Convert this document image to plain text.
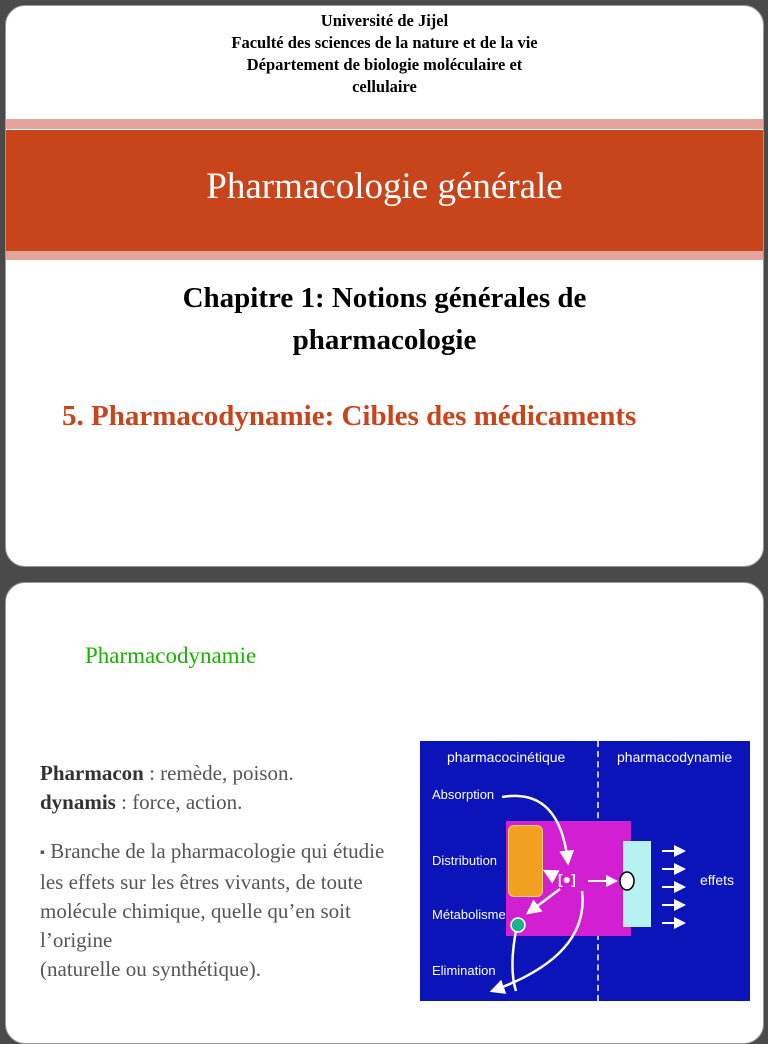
Université de Jijel
Faculté des sciences de la nature et de la vie
Département de biologie moléculaire et
cellulaire
Pharmacologie générale
Chapitre 1: Notions générales de
pharmacologie
5. Pharmacodynamie: Cibles des médicaments
Pharmacodynamie
Pharmacon : remède, poison.
dynamis : force, action.
▪ Branche de la pharmacologie qui étudie les effets sur les êtres vivants, de toute molécule chimique, quelle qu’en soit l’origine
(naturelle ou synthétique).
pharmacocinétique	pharmacodynamie
Absorption
Distribution
Métabolisme
Elimination
effets
[●]
